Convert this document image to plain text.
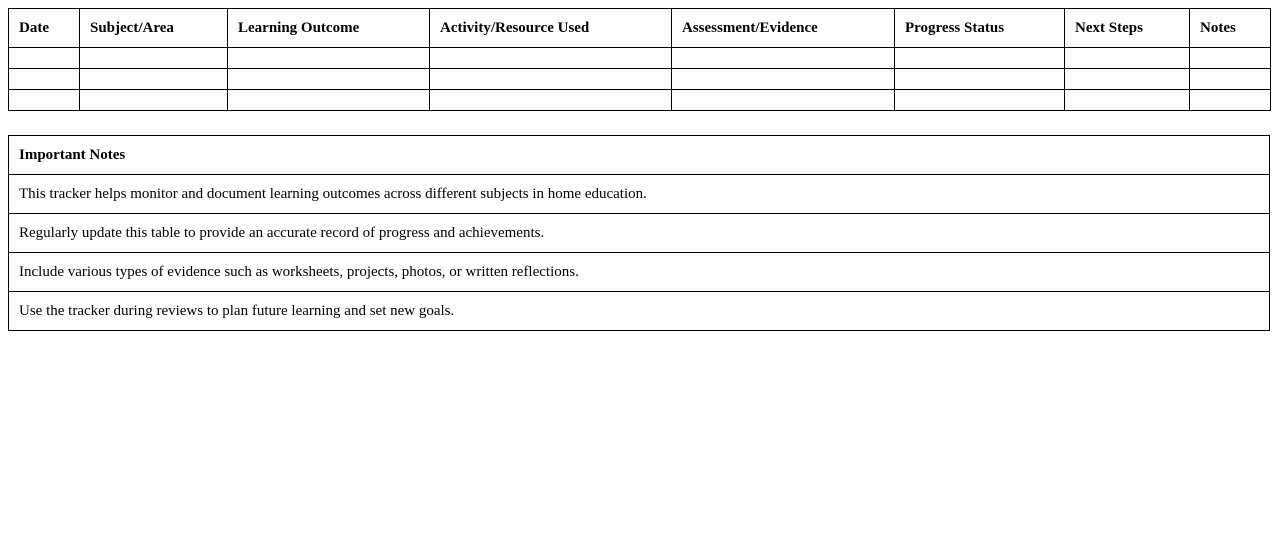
Date	Subject/Area	Learning Outcome	Activity/Resource Used	Assessment/Evidence	Progress Status	Next Steps	Notes

Important Notes
This tracker helps monitor and document learning outcomes across different subjects in home education.
Regularly update this table to provide an accurate record of progress and achievements.
Include various types of evidence such as worksheets, projects, photos, or written reflections.
Use the tracker during reviews to plan future learning and set new goals.
